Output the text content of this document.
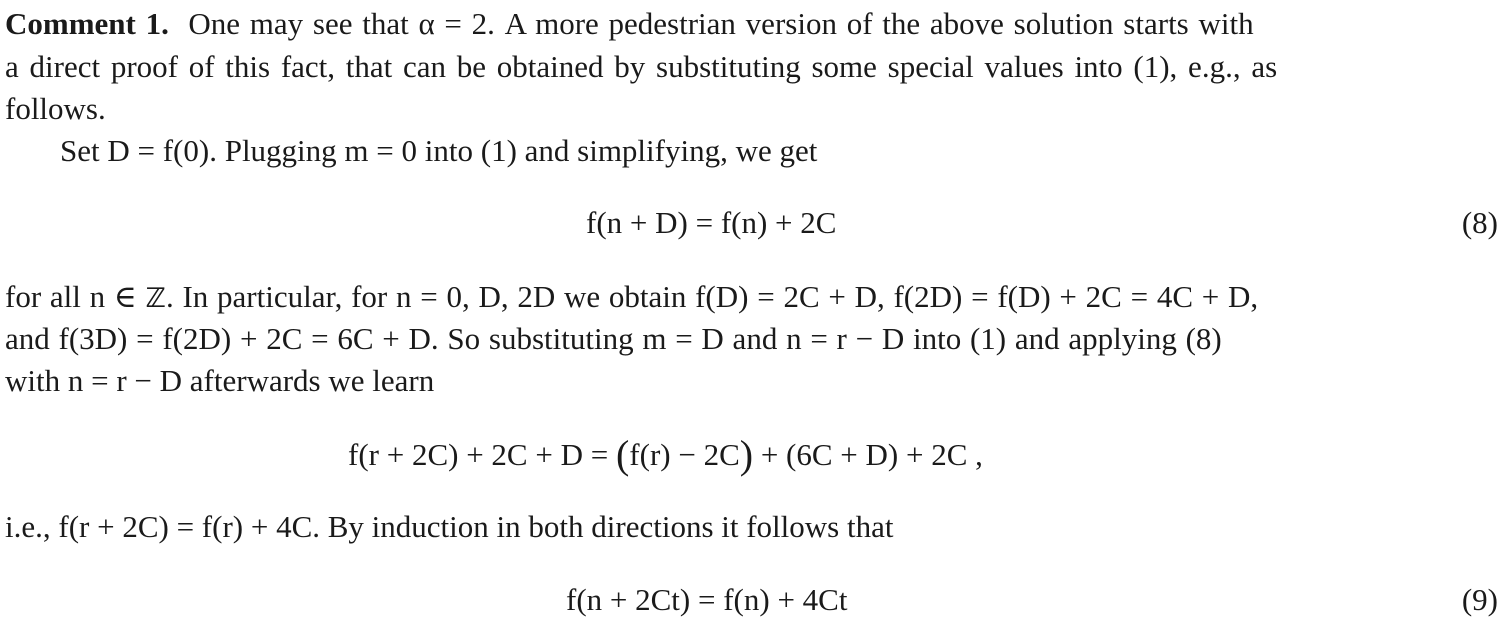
Comment 1. One may see that α = 2. A more pedestrian version of the above solution starts with
a direct proof of this fact, that can be obtained by substituting some special values into (1), e.g., as
follows.
Set D = f(0). Plugging m = 0 into (1) and simplifying, we get
f(n + D) = f(n) + 2C	(8)
for all n ∈ ℤ. In particular, for n = 0, D, 2D we obtain f(D) = 2C + D, f(2D) = f(D) + 2C = 4C + D,
and f(3D) = f(2D) + 2C = 6C + D. So substituting m = D and n = r − D into (1) and applying (8)
with n = r − D afterwards we learn
f(r + 2C) + 2C + D = (f(r) − 2C) + (6C + D) + 2C ,
i.e., f(r + 2C) = f(r) + 4C. By induction in both directions it follows that
f(n + 2Ct) = f(n) + 4Ct	(9)
